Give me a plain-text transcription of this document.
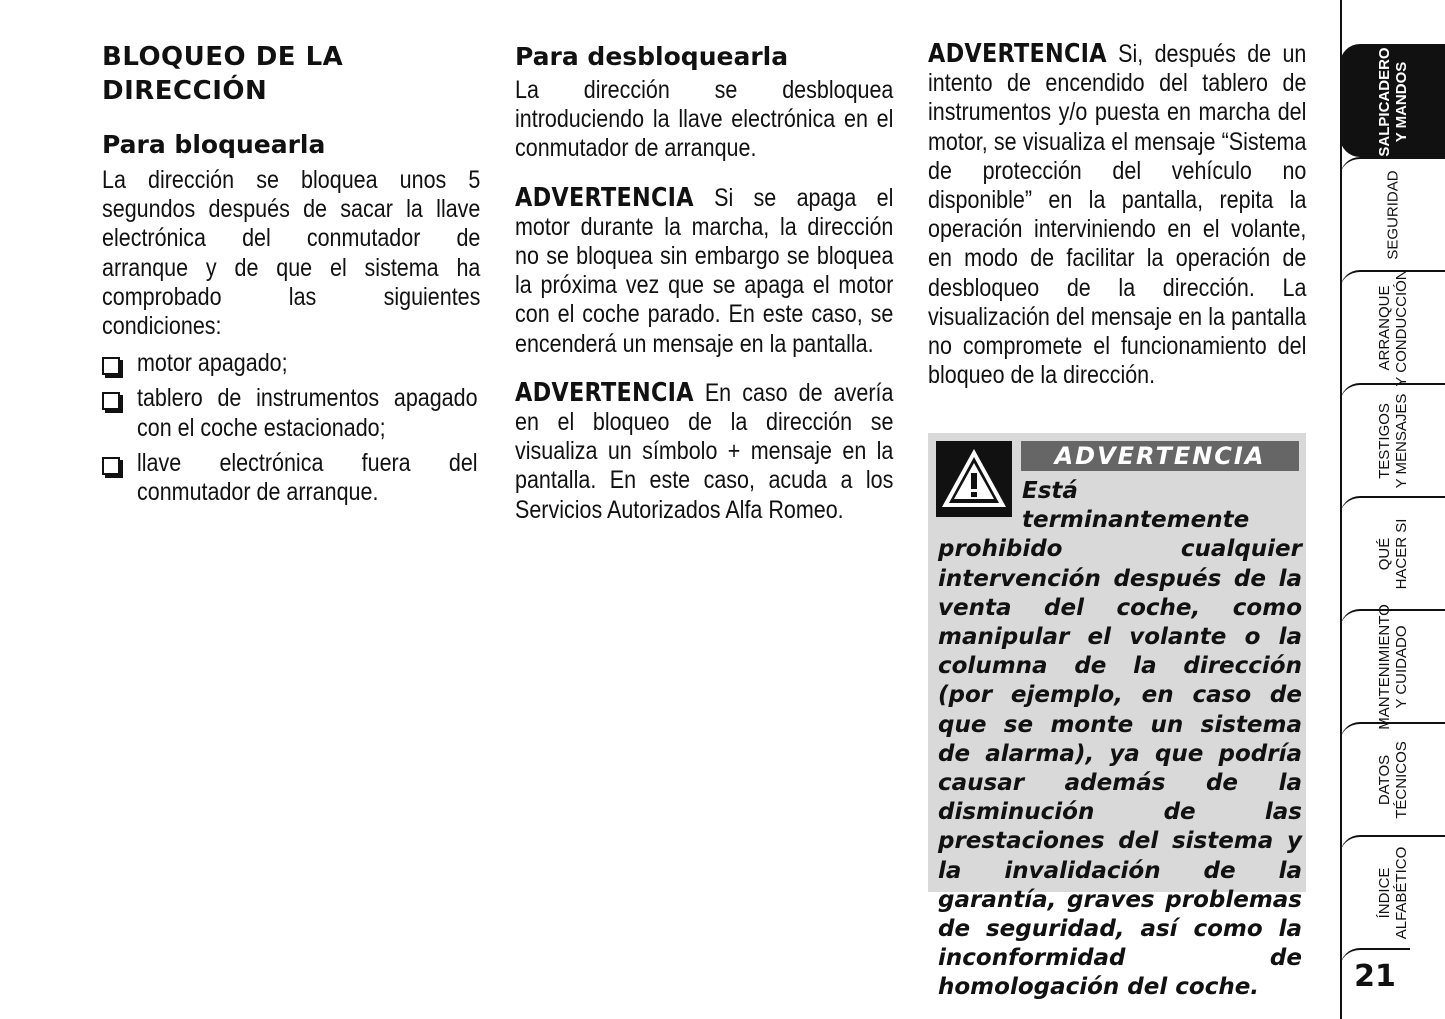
BLOQUEO DE LA DIRECCIÓN
Para bloquearla

La dirección se bloquea unos 5 segundos después de sacar la llave electrónica del conmutador de arranque y de que el sistema ha comprobado las siguientes condiciones:

motor apagado;

tablero de instrumentos apagado con el coche estacionado;

llave electrónica fuera del conmutador de arranque.

Para desbloquearla

La dirección se desbloquea introduciendo la llave electrónica en el conmutador de arranque.

ADVERTENCIA Si se apaga el motor durante la marcha, la dirección no se bloquea sin embargo se bloquea la próxima vez que se apaga el motor con el coche parado. En este caso, se encenderá un mensaje en la pantalla.

ADVERTENCIA En caso de avería en el bloqueo de la dirección se visualiza un símbolo + mensaje en la pantalla. En este caso, acuda a los Servicios Autorizados Alfa Romeo.

ADVERTENCIA Si, después de un intento de encendido del tablero de instrumentos y/o puesta en marcha del motor, se visualiza el mensaje “Sistema de protección del vehículo no disponible” en la pantalla, repita la operación interviniendo en el volante, en modo de facilitar la operación de desbloqueo de la dirección. La visualización del mensaje en la pantalla no compromete el funcionamiento del bloqueo de la dirección.

ADVERTENCIA
Está terminantemente prohibido cualquier intervención después de la venta del coche, como manipular el volante o la columna de la dirección (por ejemplo, en caso de que se monte un sistema de alarma), ya que podría causar además de la disminución de las prestaciones del sistema y la invalidación de la garantía, graves problemas de seguridad, así como la inconformidad de homologación del coche.
SALPICADERO Y MANDOS
SEGURIDAD
ARRANQUE Y CONDUCCIÓN
TESTIGOS Y MENSAJES
QUÉ HACER SI
MANTENIMIENTO Y CUIDADO
DATOS TÉCNICOS
ÍNDICE ALFABÉTICO
21
